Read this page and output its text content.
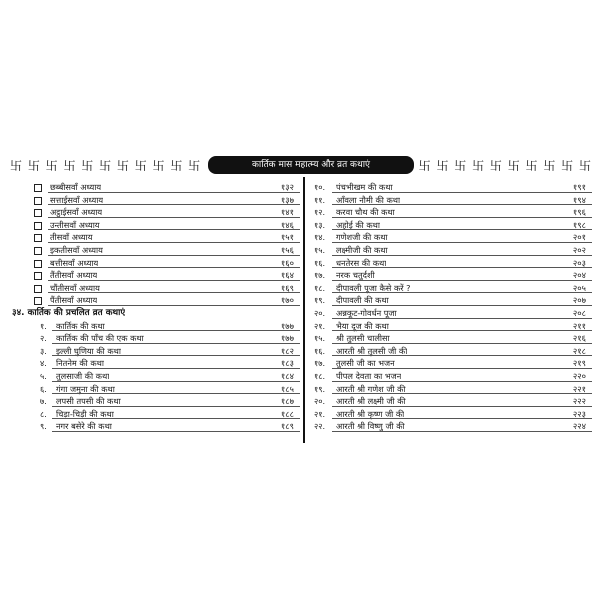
卐 卐 卐 卐 卐 卐 卐 卐 卐 卐 卐	कार्तिक मास महात्म्य और व्रत कथाएं	卐 卐 卐 卐 卐 卐 卐 卐 卐 卐
छब्बीसवाँ अध्याय	१३२
सत्ताईसवाँ अध्याय	१३७
अट्ठाईसवाँ अध्याय	१४१
उन्तीसवाँ अध्याय	१४६
तीसवाँ अध्याय	१५१
इकतीसवाँ अध्याय	१५६
बत्तीसवाँ अध्याय	१६०
तैंतीसवाँ अध्याय	१६४
चौंतीसवाँ अध्याय	१६९
पैंतीसवाँ अध्याय	१७०
३४. कार्तिक की प्रचलित व्रत कथाएं
१. कार्तिक की कथा	१७७
२. कार्तिक की पाँच की एक कथा	१७७
३. इल्ली घुणिया की कथा	१८२
४. नितनेम की कथा	१८३
५. तुलसाजी की कथा	१८४
६. गंगा जमुना की कथा	१८५
७. लपसी तपसी की कथा	१८७
८. चिड़ा-चिड़ी की कथा	१८८
९. नगर बसेरे की कथा	१८९
१०. पंचभीखम की कथा	१९१
११. आँवला नौमी की कथा	१९४
१२. करवा चौथ की कथा	१९६
१३. अहोई की कथा	१९८
१४. गणेशजी की कथा	२०१
१५. लक्ष्मीजी की कथा	२०२
१६. धनतेरस की कथा	२०३
१७. नरक चतुर्दशी	२०४
१८. दीपावली पूजा कैसे करें ?	२०५
१९. दीपावली की कथा	२०७
२०. अन्नकूट-गोवर्धन पूजा	२०८
२१. भैया दूज की कथा	२११
१५. श्री तुलसी चालीसा	२१६
१६. आरती श्री तुलसी जी की	२१८
१७. तुलसी जी का भजन	२१९
१८. पीपल देवता का भजन	२२०
१९. आरती श्री गणेश जी की	२२१
२०. आरती श्री लक्ष्मी जी की	२२२
२१. आरती श्री कृष्ण जी की	२२३
२२. आरती श्री विष्णु जी की	२२४
